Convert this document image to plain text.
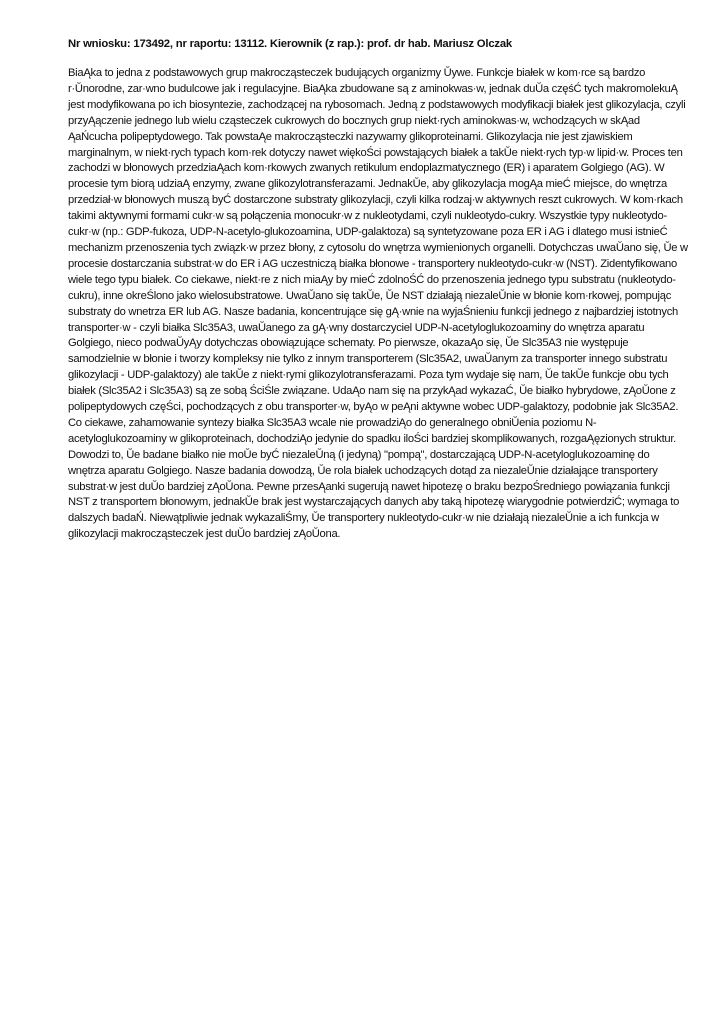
Nr wniosku: 173492, nr raportu: 13112. Kierownik (z rap.): prof. dr hab. Mariusz Olczak

BiaĄka to jedna z podstawowych grup makrocząsteczek budujących organizmy Ŭywe. Funkcje białek w kom·rce są bardzo r·Ŭnorodne, zar·wno budulcowe jak i regulacyjne. BiaĄka zbudowane są z aminokwas·w, jednak duŬa częśĆ tych makromolekuĄ jest modyfikowana po ich biosyntezie, zachodzącej na rybosomach. Jedną z podstawowych modyfikacji białek jest glikozylacja, czyli przyĄączenie jednego lub wielu cząsteczek cukrowych do bocznych grup niekt·rych aminokwas·w, wchodzących w skĄad ĄaŃcucha polipeptydowego. Tak powstaĄe makrocząsteczki nazywamy glikoproteinami. Glikozylacja nie jest zjawiskiem marginalnym, w niekt·rych typach kom·rek dotyczy nawet więkoŚci powstających białek a takŬe niekt·rych typ·w lipid·w. Proces ten zachodzi w błonowych przedziaĄach kom·rkowych zwanych retikulum endoplazmatycznego (ER) i aparatem Golgiego (AG). W procesie tym biorą udziaĄ enzymy, zwane glikozylotransferazami. JednakŬe, aby glikozylacja mogĄa mieĆ miejsce, do wnętrza przedział·w błonowych muszą byĆ dostarczone substraty glikozylacji, czyli kilka rodzaj·w aktywnych reszt cukrowych. W kom·rkach takimi aktywnymi formami cukr·w są połączenia monocukr·w z nukleotydami, czyli nukleotydo-cukry. Wszystkie typy nukleotydo-cukr·w (np.: GDP-fukoza, UDP-N-acetylo-glukozoamina, UDP-galaktoza) są syntetyzowane poza ER i AG i dlatego musi istnieĆ mechanizm przenoszenia tych związk·w przez błony, z cytosolu do wnętrza wymienionych organelli. Dotychczas uwaŬano się, Ŭe w procesie dostarczania substrat·w do ER i AG uczestniczą białka błonowe - transportery nukleotydo-cukr·w (NST). Zidentyfikowano wiele tego typu białek. Co ciekawe, niekt·re z nich miaĄy by mieĆ zdolnoŚĆ do przenoszenia jednego typu substratu (nukleotydo-cukru), inne okreŚlono jako wielosubstratowe. UwaŬano się takŬe, Ŭe NST działają niezaleŬnie w błonie kom·rkowej, pompując substraty do wnetrza ER lub AG. Nasze badania, koncentrujące się gĄ·wnie na wyjaŚnieniu funkcji jednego z najbardziej istotnych transporter·w - czyli białka Slc35A3, uwaŬanego za gĄ·wny dostarczyciel UDP-N-acetyloglukozoaminy do wnętrza aparatu Golgiego, nieco podwaŬyĄy dotychczas obowiązujące schematy. Po pierwsze, okazaĄo się, Ŭe Slc35A3 nie występuje samodzielnie w błonie i tworzy kompleksy nie tylko z innym transporterem (Slc35A2, uwaŬanym za transporter innego substratu glikozylacji - UDP-galaktozy) ale takŬe z niekt·rymi glikozylotransferazami. Poza tym wydaje się nam, Ŭe takŬe funkcje obu tych białek (Slc35A2 i Slc35A3) są ze sobą ŚciŚle związane. UdaĄo nam się na przykĄad wykazaĆ, Ŭe białko hybrydowe, zĄoŬone z polipeptydowych częŚci, pochodzących z obu transporter·w, byĄo w peĄni aktywne wobec UDP-galaktozy, podobnie jak Slc35A2. Co ciekawe, zahamowanie syntezy białka Slc35A3 wcale nie prowadziĄo do generalnego obniŬenia poziomu N-acetyloglukozoaminy w glikoproteinach, dochodziĄo jedynie do spadku iloŚci bardziej skomplikowanych, rozgaĄęzionych struktur. Dowodzi to, Ŭe badane białko nie moŬe byĆ niezaleŬną (i jedyną) "pompą", dostarczającą UDP-N-acetyloglukozoaminę do wnętrza aparatu Golgiego. Nasze badania dowodzą, Ŭe rola białek uchodzących dotąd za niezaleŬnie działające transportery substrat·w jest duŬo bardziej zĄoŬona. Pewne przesĄanki sugerują nawet hipotezę o braku bezpoŚredniego powiązania funkcji NST z transportem błonowym, jednakŬe brak jest wystarczających danych aby taką hipotezę wiarygodnie potwierdziĆ; wymaga to dalszych badaŃ. Niewątpliwie jednak wykazaliŚmy, Ŭe transportery nukleotydo-cukr·w nie działają niezaleŬnie a ich funkcja w glikozylacji makrocząsteczek jest duŬo bardziej zĄoŬona.
